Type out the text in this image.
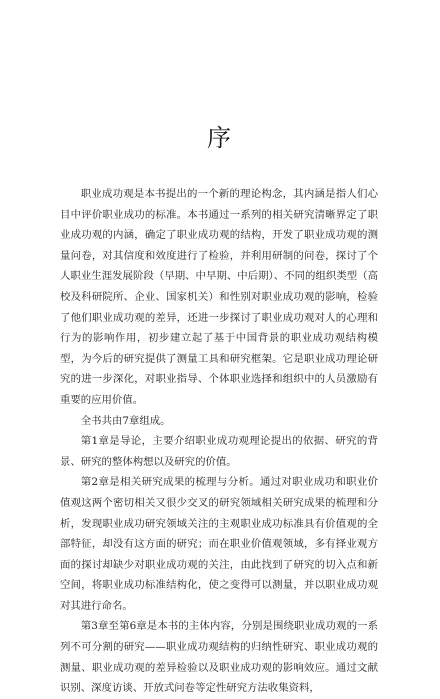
序

职业成功观是本书提出的一个新的理论构念，其内涵是指人们心目中评价职业成功的标准。本书通过一系列的相关研究清晰界定了职业成功观的内涵，确定了职业成功观的结构，开发了职业成功观的测量问卷，对其信度和效度进行了检验，并利用研制的问卷，探讨了个人职业生涯发展阶段（早期、中早期、中后期）、不同的组织类型（高校及科研院所、企业、国家机关）和性别对职业成功观的影响，检验了他们职业成功观的差异，还进一步探讨了职业成功观对人的心理和行为的影响作用，初步建立起了基于中国背景的职业成功观结构模型，为今后的研究提供了测量工具和研究框架。它是职业成功理论研究的进一步深化，对职业指导、个体职业选择和组织中的人员激励有重要的应用价值。

全书共由7章组成。

第1章是导论，主要介绍职业成功观理论提出的依据、研究的背景、研究的整体构想以及研究的价值。

第2章是相关研究成果的梳理与分析。通过对职业成功和职业价值观这两个密切相关又很少交叉的研究领域相关研究成果的梳理和分析，发现职业成功研究领域关注的主观职业成功标准具有价值观的全部特征，却没有这方面的研究；而在职业价值观领域，多有择业观方面的探讨却缺少对职业成功观的关注，由此找到了研究的切入点和新空间，将职业成功标准结构化，使之变得可以测量，并以职业成功观对其进行命名。

第3章至第6章是本书的主体内容，分别是围绕职业成功观的一系列不可分割的研究——职业成功观结构的归纳性研究、职业成功观的测量、职业成功观的差异检验以及职业成功观的影响效应。通过文献识别、深度访谈、开放式问卷等定性研究方法收集资料，
